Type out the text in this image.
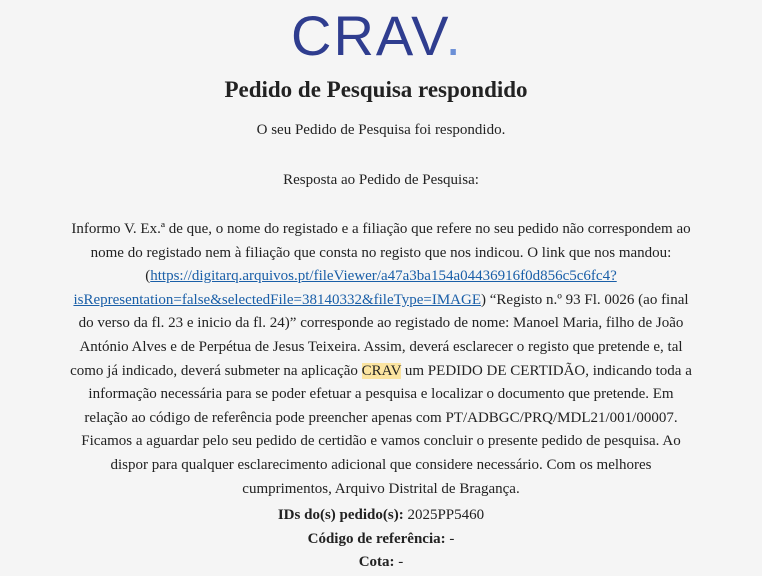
CRAV.
Pedido de Pesquisa respondido

O seu Pedido de Pesquisa foi respondido.

Resposta ao Pedido de Pesquisa:

Informo V. Ex.ª de que, o nome do registado e a filiação que refere no seu pedido não correspondem ao nome do registado nem à filiação que consta no registo que nos indicou. O link que nos mandou: (https://digitarq.arquivos.pt/fileViewer/a47a3ba154a04436916f0d856c5c6fc4?isRepresentation=false&selectedFile=38140332&fileType=IMAGE) “Registo n.º 93 Fl. 0026 (ao final do verso da fl. 23 e inicio da fl. 24)” corresponde ao registado de nome: Manoel Maria, filho de João António Alves e de Perpétua de Jesus Teixeira. Assim, deverá esclarecer o registo que pretende e, tal como já indicado, deverá submeter na aplicação CRAV um PEDIDO DE CERTIDÃO, indicando toda a informação necessária para se poder efetuar a pesquisa e localizar o documento que pretende. Em relação ao código de referência pode preencher apenas com PT/ADBGC/PRQ/MDL21/001/00007. Ficamos a aguardar pelo seu pedido de certidão e vamos concluir o presente pedido de pesquisa. Ao dispor para qualquer esclarecimento adicional que considere necessário. Com os melhores cumprimentos, Arquivo Distrital de Bragança.

IDs do(s) pedido(s): 2025PP5460

Código de referência: -

Cota: -
